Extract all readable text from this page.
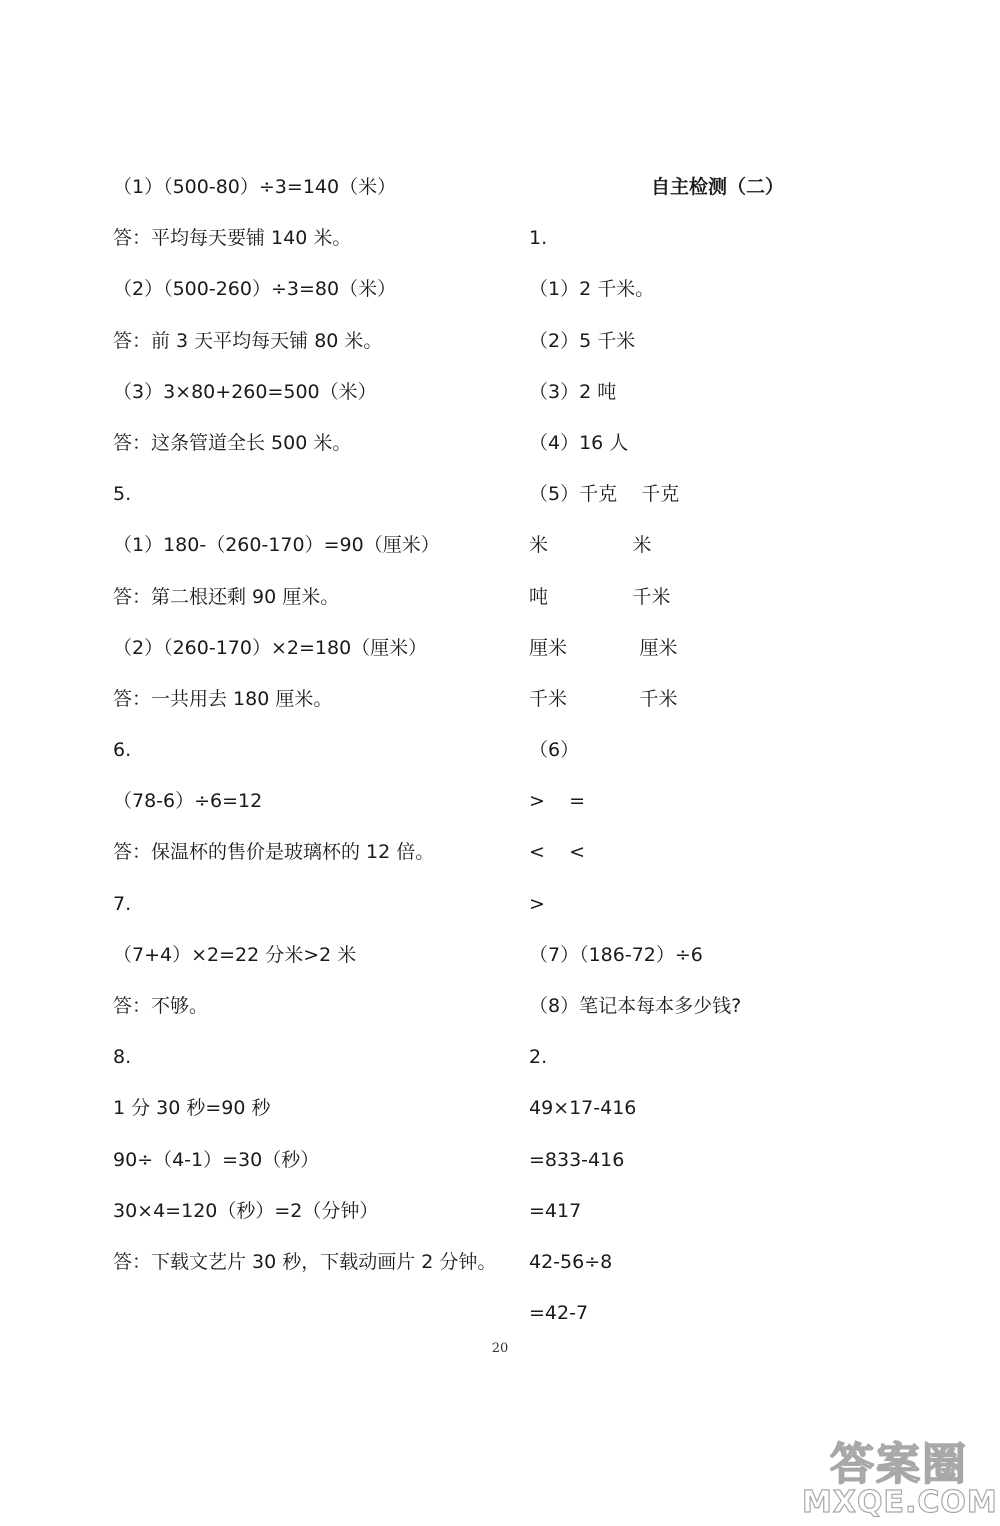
（1）（500-80）÷3=140（米）
答：平均每天要铺 140 米。
（2）（500-260）÷3=80（米）
答：前 3 天平均每天铺 80 米。
（3）3×80+260=500（米）
答：这条管道全长 500 米。
5.
（1）180-（260-170）=90（厘米）
答：第二根还剩 90 厘米。
（2）（260-170）×2=180（厘米）
答：一共用去 180 厘米。
6.
（78-6）÷6=12
答：保温杯的售价是玻璃杯的 12 倍。
7.
（7+4）×2=22 分米>2 米
答：不够。
8.
1 分 30 秒=90 秒
90÷（4-1）=30（秒）
30×4=120（秒）=2（分钟）
答：下载文艺片 30 秒，下载动画片 2 分钟。
自主检测（二）
1.
（1）2 千米。
（2）5 千米
（3）2 吨
（4）16 人
（5）千克    千克
米              米
吨              千米
厘米            厘米
千米            千米
（6）
>    =
<    <
>
（7）（186-72）÷6
（8）笔记本每本多少钱?
2.
49×17-416
=833-416
=417
42-56÷8
=42-7
20
答案圈
MXQE.COM
